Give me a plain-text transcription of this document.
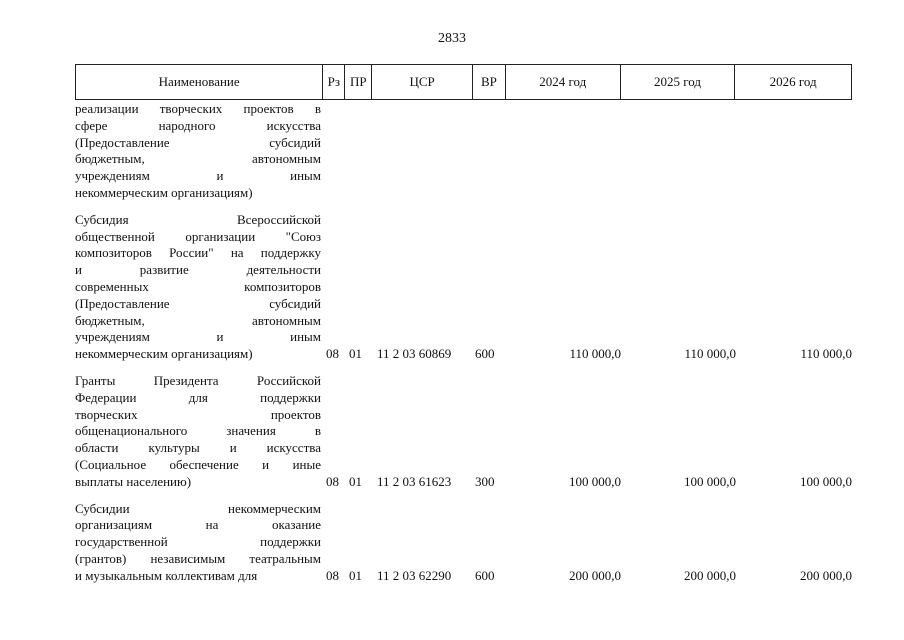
2833
Наименование	Рз ПР	ЦСР	ВР	2024 год	2025 год	2026 год
реализации творческих проектов в
сфере народного искусства
(Предоставление субсидий
бюджетным, автономным
учреждениям и иным
некоммерческим организациям)
Субсидия Всероссийской
общественной организации "Союз
композиторов России" на поддержку
и развитие деятельности
современных композиторов
(Предоставление субсидий
бюджетным, автономным
учреждениям и иным
некоммерческим организациям)	08 01 11 2 03 60869 600	110 000,0	110 000,0	110 000,0
Гранты Президента Российской
Федерации для поддержки
творческих проектов
общенационального значения в
области культуры и искусства
(Социальное обеспечение и иные
выплаты населению)	08 01 11 2 03 61623 300	100 000,0	100 000,0	100 000,0
Субсидии некоммерческим
организациям на оказание
государственной поддержки
(грантов) независимым театральным
и музыкальным коллективам для	08 01 11 2 03 62290 600	200 000,0	200 000,0	200 000,0
